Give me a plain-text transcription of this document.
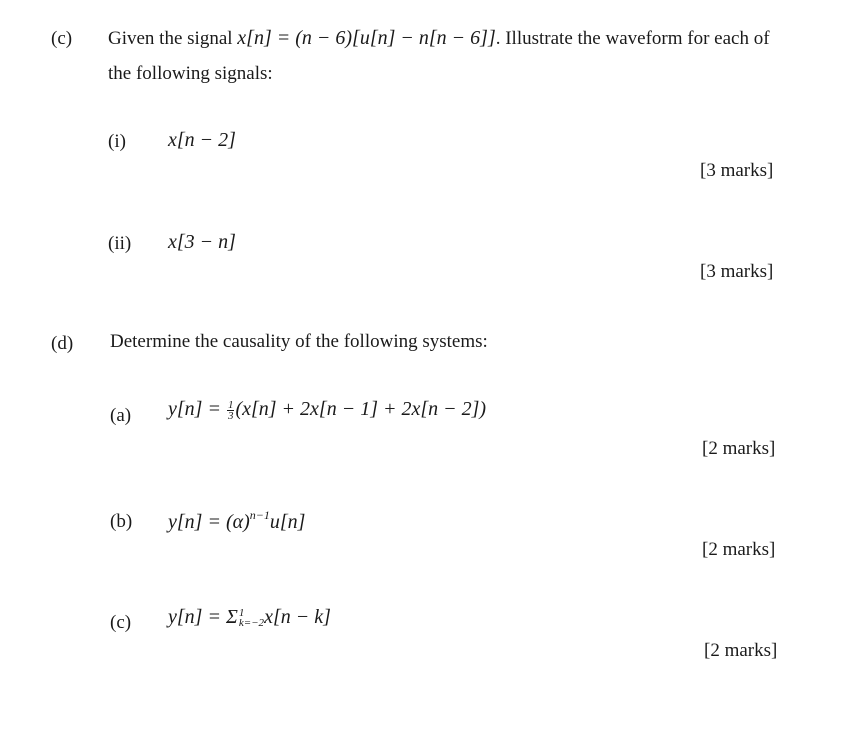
(c) Given the signal x[n] = (n − 6)[u[n] − n[n − 6]]. Illustrate the waveform for each of
the following signals:
(i) x[n − 2]
[3 marks]
(ii) x[3 − n]
[3 marks]
(d) Determine the causality of the following systems:
(a) $y[n] = \frac{1}{3} (x[n] + 2x[n - 1] + 2x[n - 2])$
[2 marks]
(b) $y[n] = (\alpha)^{n-1}u[n]$
[2 marks]
(c) y[n] = Σ 1
k=−2 x[n − k]
[2 marks]
